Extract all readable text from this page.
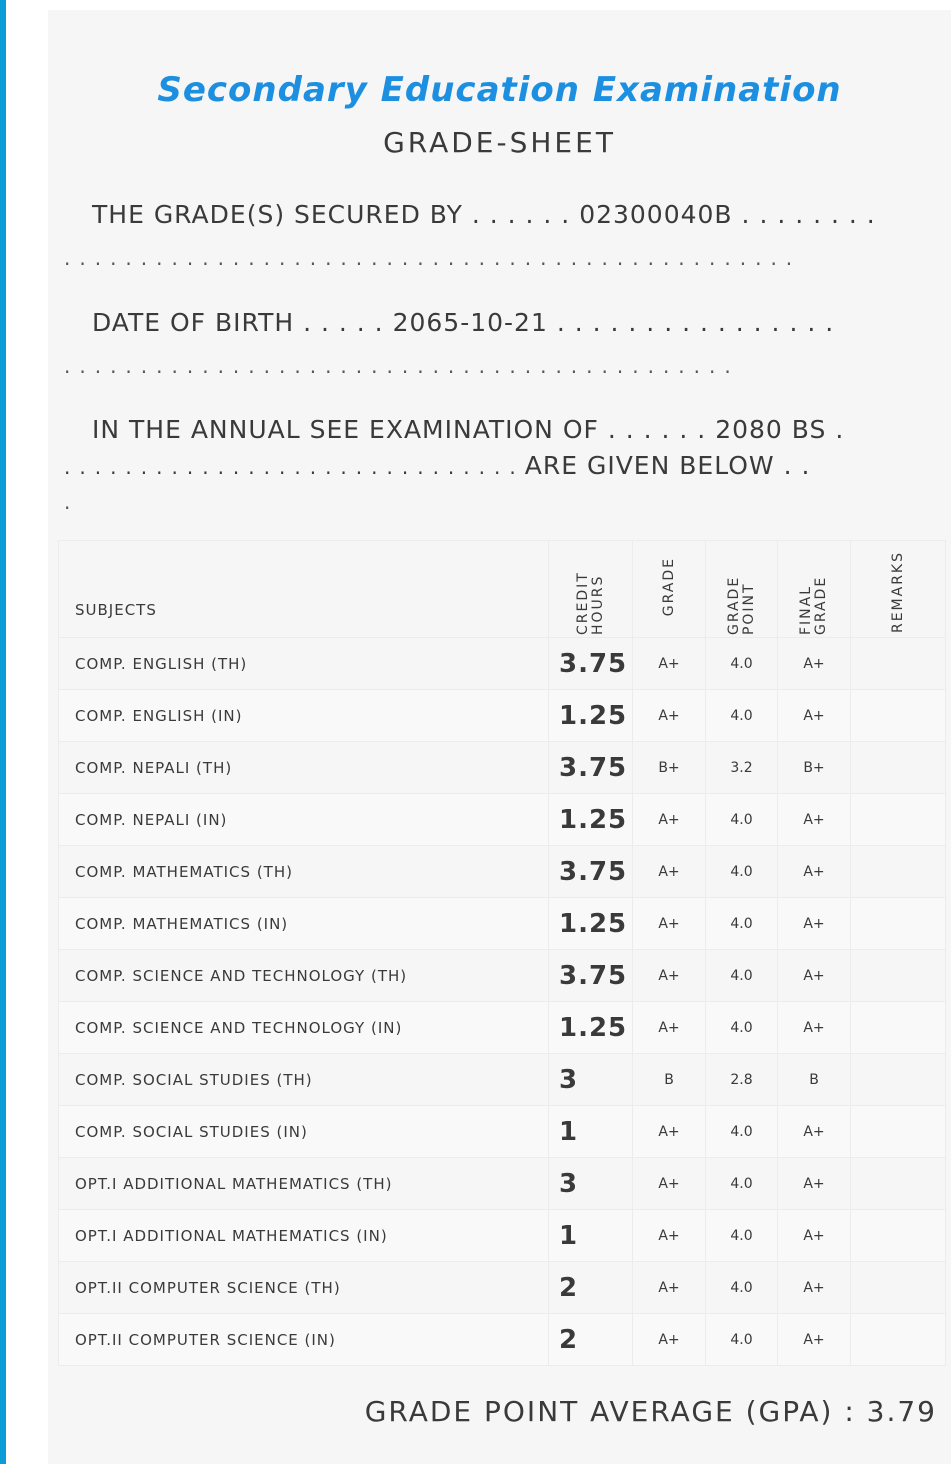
Secondary Education Examination
GRADE-SHEET
THE GRADE(S) SECURED BY . . . . . . 02300040B . . . . . . . .
................................................
DATE OF BIRTH . . . . . 2065-10-21 . . . . . . . . . . . . . . . .
............................................
IN THE ANNUAL SEE EXAMINATION OF . . . . . . 2080 BS .
..............................ARE GIVEN BELOW . .
.
SUBJECTS	CREDIT HOURS	GRADE	GRADE POINT	FINAL GRADE	REMARKS
COMP. ENGLISH (TH)	3.75	A+	4.0	A+	
COMP. ENGLISH (IN)	1.25	A+	4.0	A+	
COMP. NEPALI (TH)	3.75	B+	3.2	B+	
COMP. NEPALI (IN)	1.25	A+	4.0	A+	
COMP. MATHEMATICS (TH)	3.75	A+	4.0	A+	
COMP. MATHEMATICS (IN)	1.25	A+	4.0	A+	
COMP. SCIENCE AND TECHNOLOGY (TH)	3.75	A+	4.0	A+	
COMP. SCIENCE AND TECHNOLOGY (IN)	1.25	A+	4.0	A+	
COMP. SOCIAL STUDIES (TH)	3	B	2.8	B	
COMP. SOCIAL STUDIES (IN)	1	A+	4.0	A+	
OPT.I ADDITIONAL MATHEMATICS (TH)	3	A+	4.0	A+	
OPT.I ADDITIONAL MATHEMATICS (IN)	1	A+	4.0	A+	
OPT.II COMPUTER SCIENCE (TH)	2	A+	4.0	A+	
OPT.II COMPUTER SCIENCE (IN)	2	A+	4.0	A+	
GRADE POINT AVERAGE (GPA) : 3.79
